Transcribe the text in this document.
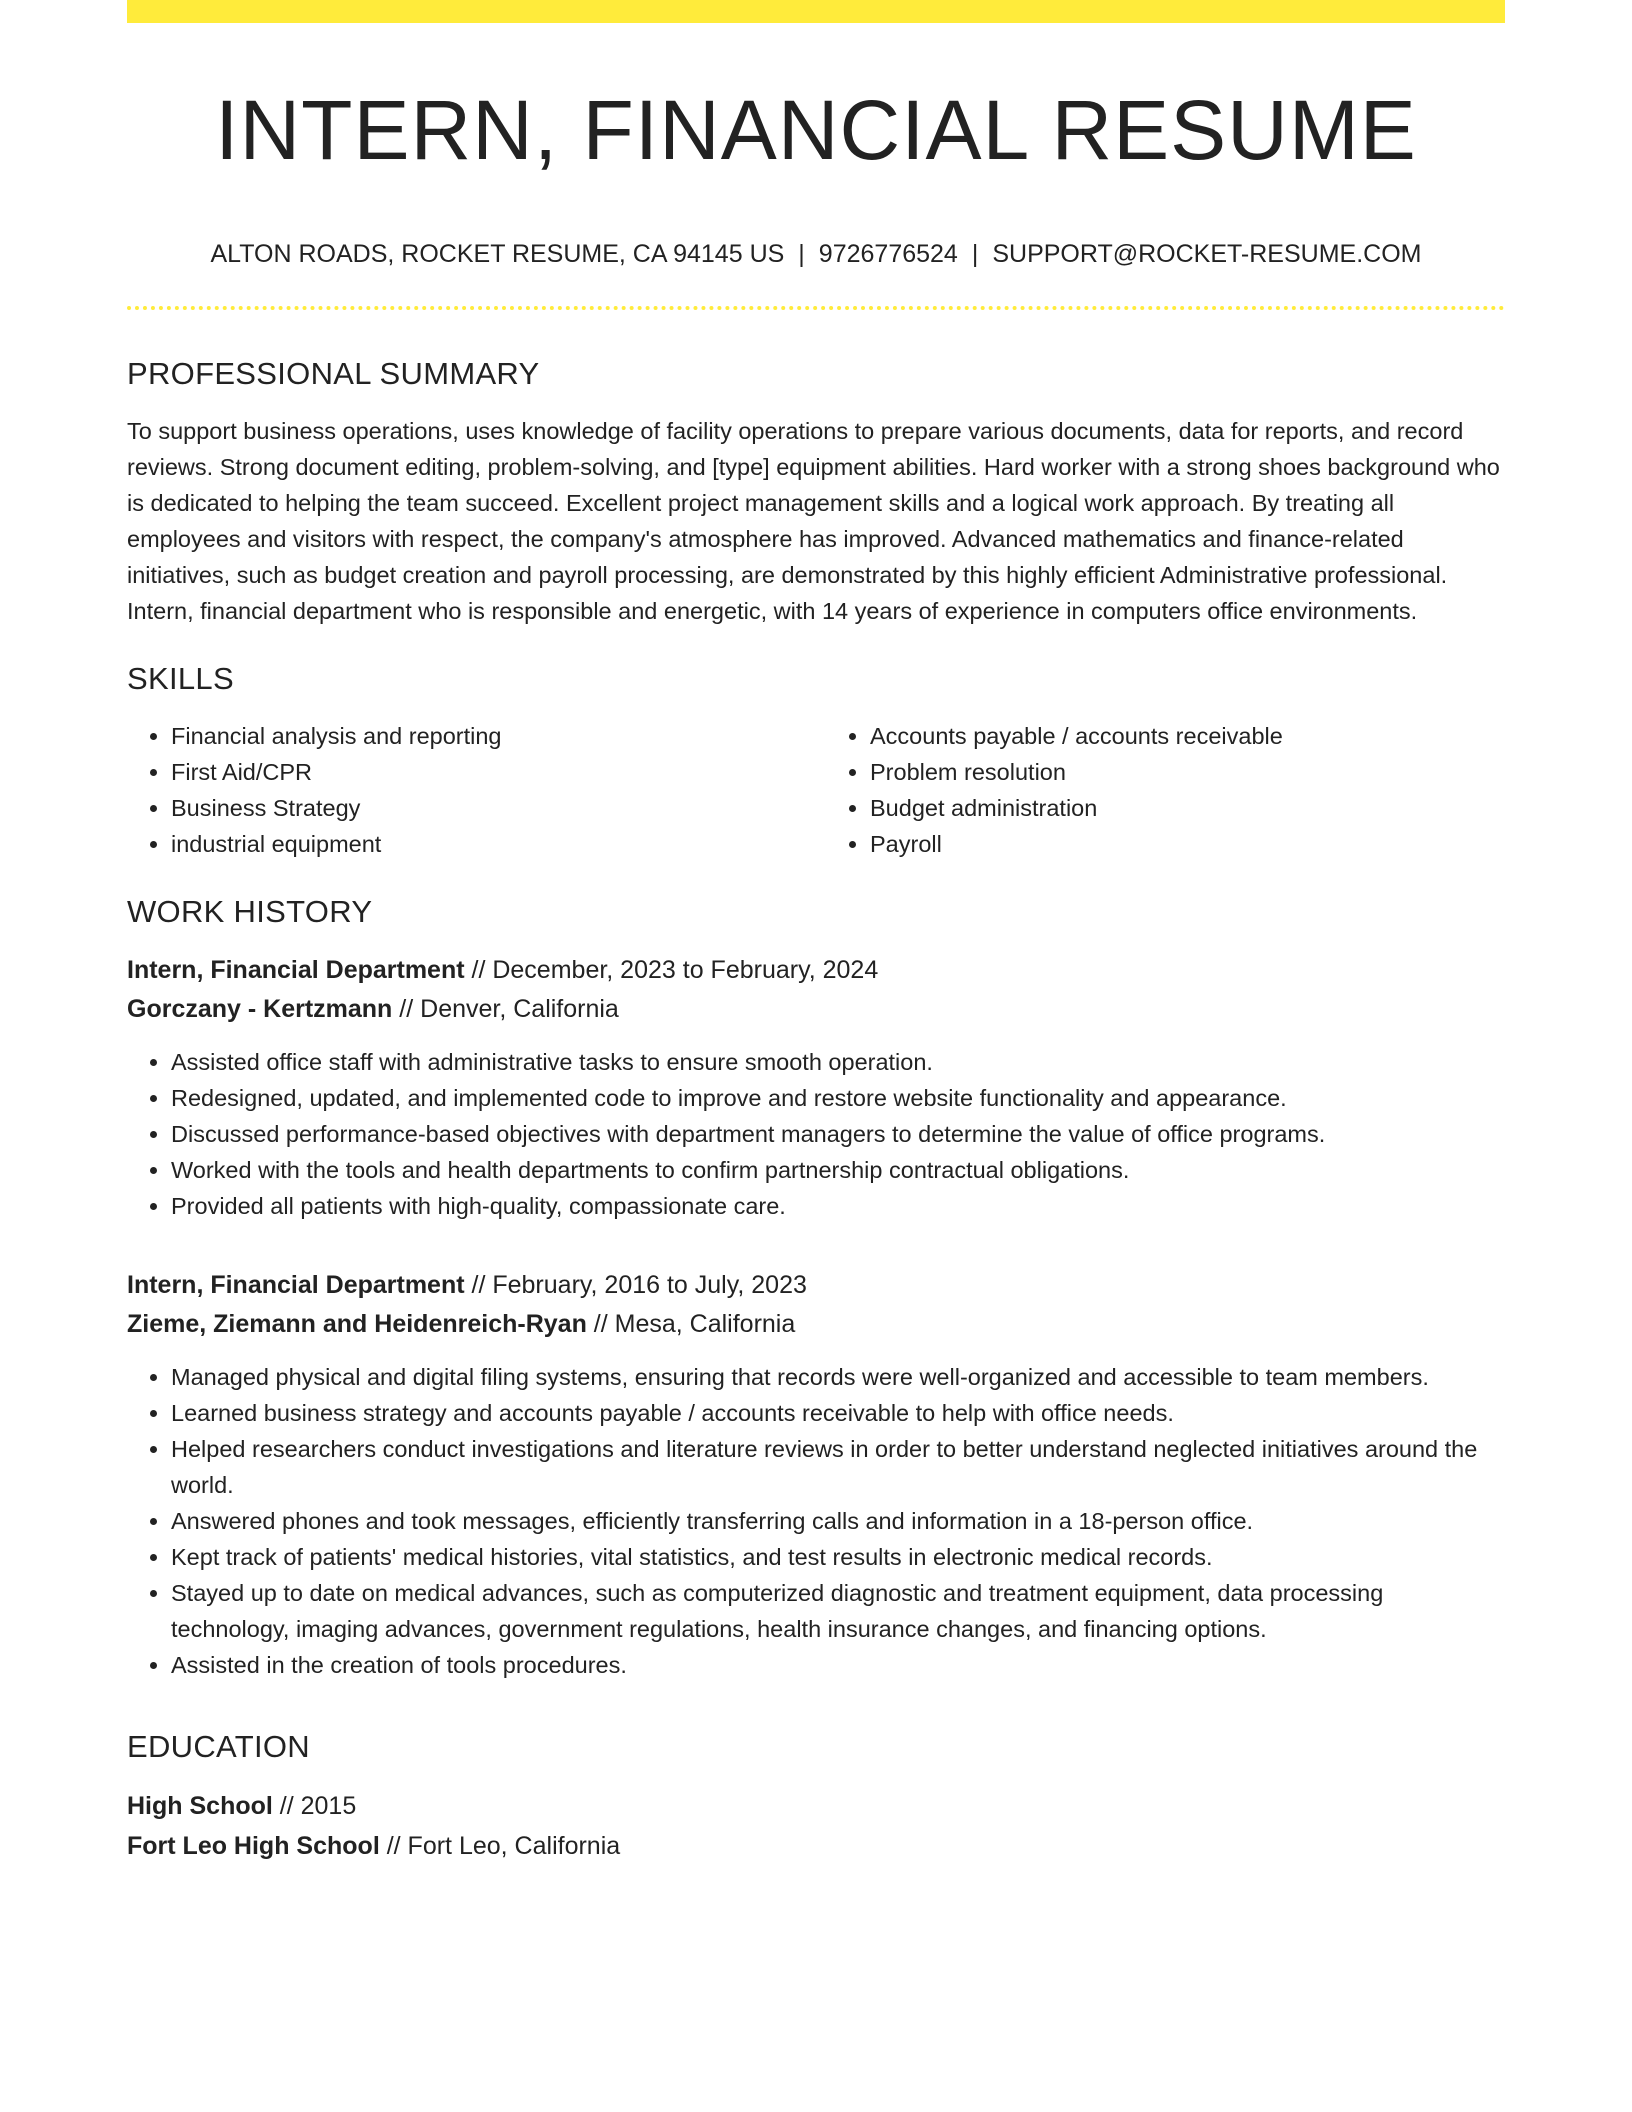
INTERN, FINANCIAL RESUME
ALTON ROADS, ROCKET RESUME, CA 94145 US | 9726776524 | SUPPORT@ROCKET-RESUME.COM
PROFESSIONAL SUMMARY

To support business operations, uses knowledge of facility operations to prepare various documents, data for reports, and record reviews. Strong document editing, problem-solving, and [type] equipment abilities. Hard worker with a strong shoes background who is dedicated to helping the team succeed. Excellent project management skills and a logical work approach. By treating all employees and visitors with respect, the company's atmosphere has improved. Advanced mathematics and finance-related initiatives, such as budget creation and payroll processing, are demonstrated by this highly efficient Administrative professional. Intern, financial department who is responsible and energetic, with 14 years of experience in computers office environments.

SKILLS
• Financial analysis and reporting
• First Aid/CPR
• Business Strategy
• industrial equipment
• Accounts payable / accounts receivable
• Problem resolution
• Budget administration
• Payroll
WORK HISTORY
Intern, Financial Department // December, 2023 to February, 2024
Gorczany - Kertzmann // Denver, California
• Assisted office staff with administrative tasks to ensure smooth operation.
• Redesigned, updated, and implemented code to improve and restore website functionality and appearance.
• Discussed performance-based objectives with department managers to determine the value of office programs.
• Worked with the tools and health departments to confirm partnership contractual obligations.
• Provided all patients with high-quality, compassionate care.
Intern, Financial Department // February, 2016 to July, 2023
Zieme, Ziemann and Heidenreich-Ryan // Mesa, California
• Managed physical and digital filing systems, ensuring that records were well-organized and accessible to team members.
• Learned business strategy and accounts payable / accounts receivable to help with office needs.
• Helped researchers conduct investigations and literature reviews in order to better understand neglected initiatives around the world.
• Answered phones and took messages, efficiently transferring calls and information in a 18-person office.
• Kept track of patients' medical histories, vital statistics, and test results in electronic medical records.
• Stayed up to date on medical advances, such as computerized diagnostic and treatment equipment, data processing technology, imaging advances, government regulations, health insurance changes, and financing options.
• Assisted in the creation of tools procedures.
EDUCATION
High School // 2015
Fort Leo High School // Fort Leo, California
